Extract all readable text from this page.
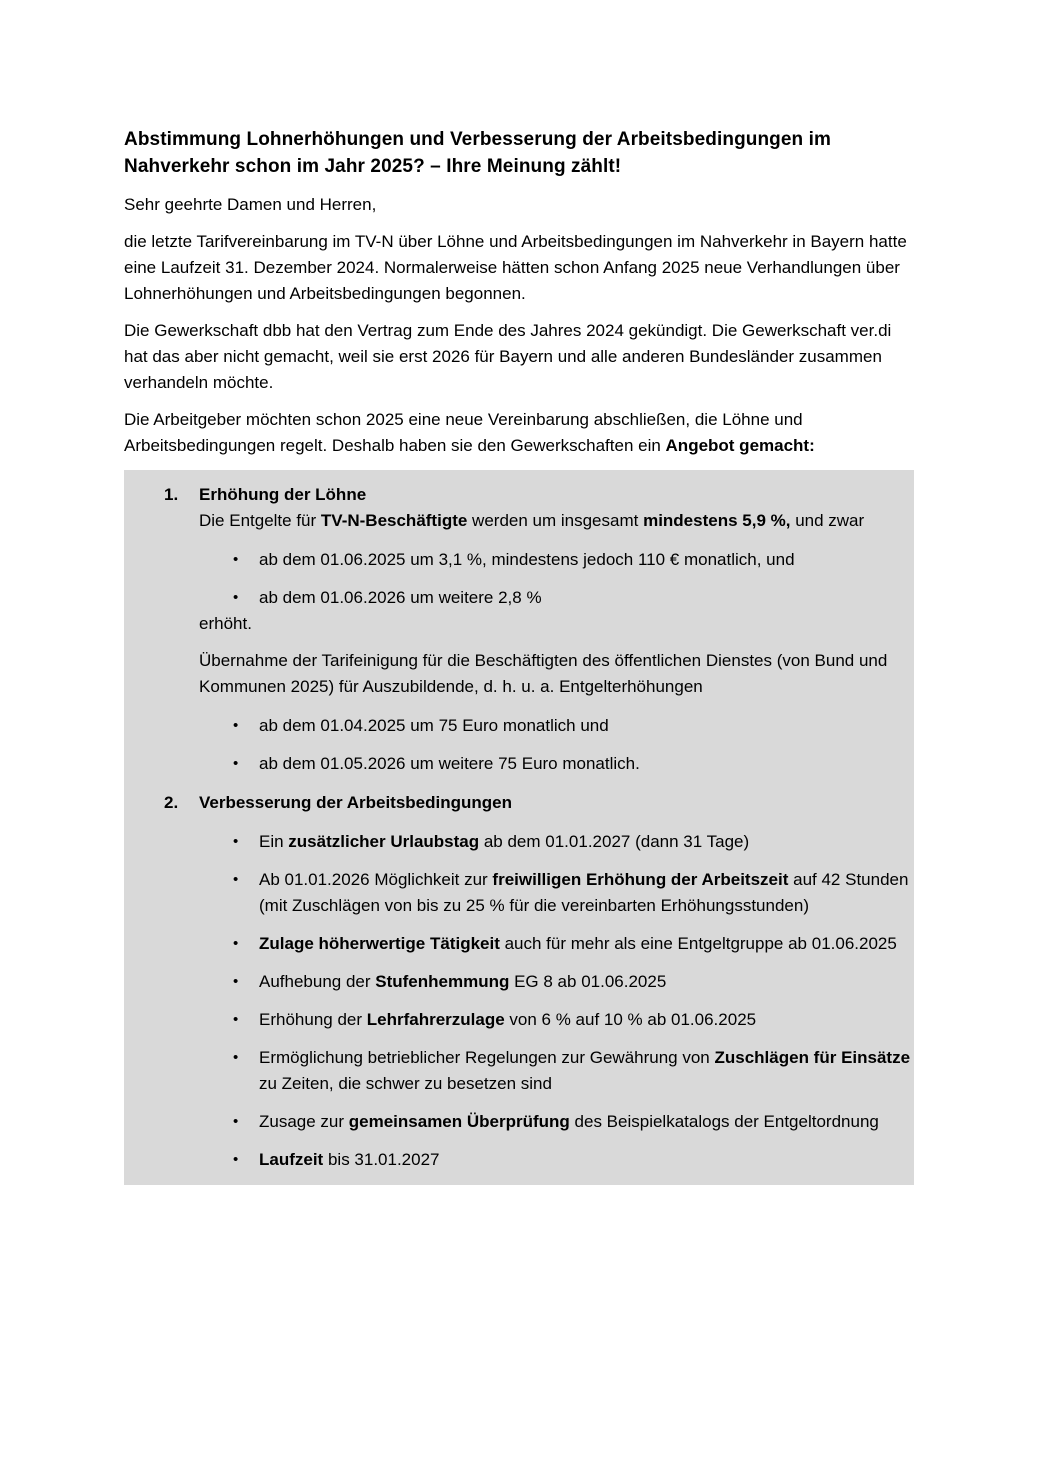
Abstimmung Lohnerhöhungen und Verbesserung der Arbeitsbedingungen im Nahverkehr schon im Jahr 2025? – Ihre Meinung zählt!

Sehr geehrte Damen und Herren,

die letzte Tarifvereinbarung im TV-N über Löhne und Arbeitsbedingungen im Nahverkehr in Bayern hatte eine Laufzeit 31. Dezember 2024. Normalerweise hätten schon Anfang 2025 neue Verhandlungen über Lohnerhöhungen und Arbeitsbedingungen begonnen.

Die Gewerkschaft dbb hat den Vertrag zum Ende des Jahres 2024 gekündigt. Die Gewerkschaft ver.di hat das aber nicht gemacht, weil sie erst 2026 für Bayern und alle anderen Bundesländer zusammen verhandeln möchte.

Die Arbeitgeber möchten schon 2025 eine neue Vereinbarung abschließen, die Löhne und Arbeitsbedingungen regelt. Deshalb haben sie den Gewerkschaften ein Angebot gemacht:

1.	Erhöhung der Löhne
Die Entgelte für TV-N-Beschäftigte werden um insgesamt mindestens 5,9 %, und zwar
•	ab dem 01.06.2025 um 3,1 %, mindestens jedoch 110 € monatlich, und
•	ab dem 01.06.2026 um weitere 2,8 %
erhöht.

Übernahme der Tarifeinigung für die Beschäftigten des öffentlichen Dienstes (von Bund und Kommunen 2025) für Auszubildende, d. h. u. a. Entgelterhöhungen

•	ab dem 01.04.2025 um 75 Euro monatlich und
•	ab dem 01.05.2026 um weitere 75 Euro monatlich.
2.	Verbesserung der Arbeitsbedingungen
•	Ein zusätzlicher Urlaubstag ab dem 01.01.2027 (dann 31 Tage)
•	Ab 01.01.2026 Möglichkeit zur freiwilligen Erhöhung der Arbeitszeit auf 42 Stunden (mit Zuschlägen von bis zu 25 % für die vereinbarten Erhöhungsstunden)
•	Zulage höherwertige Tätigkeit auch für mehr als eine Entgeltgruppe ab 01.06.2025
•	Aufhebung der Stufenhemmung EG 8 ab 01.06.2025
•	Erhöhung der Lehrfahrerzulage von 6 % auf 10 % ab 01.06.2025
•	Ermöglichung betrieblicher Regelungen zur Gewährung von Zuschlägen für Einsätze zu Zeiten, die schwer zu besetzen sind
•	Zusage zur gemeinsamen Überprüfung des Beispielkatalogs der Entgeltordnung
•	Laufzeit bis 31.01.2027
